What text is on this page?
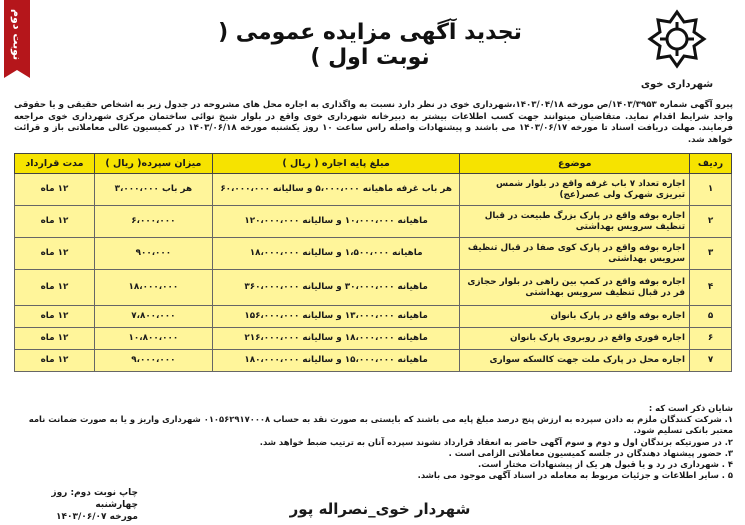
نوبت دوم	تجدید آگهی مزایده عمومی ( نوبت اول )
شهرداری خوی
پیرو آگهی شماره ۱۴۰۳/۳۹۵۳/ص مورخه ۱۴۰۳/۰۴/۱۸،شهرداری خوی در نظر دارد نسبت به واگذاری به اجاره محل های مشروحه در جدول زیر به اشخاص حقیقی و یا حقوقی واجد شرایط اقدام نماید. متقاضیان میتوانند جهت کسب اطلاعات بیشتر به دبیرخانه شهرداری خوی واقع در بلوار شیخ نوائی ساختمان مرکزی شهرداری خوی مراجعه فرمایند. مهلت دریافت اسناد تا مورخه ۱۴۰۳/۰۶/۱۷ می باشند و پیشنهادات واصله راس ساعت ۱۰ روز یکشنبه مورخه ۱۴۰۳/۰۶/۱۸ در کمیسیون عالی معاملاتی باز و قرائت خواهد شد.
ردیف	موضوع	مبلغ پایه اجاره ( ریال )	میزان سپرده( ریال )	مدت قرارداد
۱	اجاره تعداد ۷ باب غرفه واقع در بلوار شمس تبریزی شهرک ولی عصر(عج)	هر باب غرفه ماهیانه ۵،۰۰۰،۰۰۰ و سالیانه ۶۰،۰۰۰،۰۰۰	هر باب ۳،۰۰۰،۰۰۰	۱۲ ماه
۲	اجاره بوفه واقع در پارک بزرگ طبیعت در قبال تنظیف سرویس بهداشتی	ماهیانه ۱۰،۰۰۰،۰۰۰ و سالیانه ۱۲۰،۰۰۰،۰۰۰	۶،۰۰۰،۰۰۰	۱۲ ماه
۳	اجاره بوفه واقع در پارک کوی صفا در قبال تنظیف سرویس بهداشتی	ماهیانه ۱،۵۰۰،۰۰۰ و سالیانه ۱۸،۰۰۰،۰۰۰	۹۰۰،۰۰۰	۱۲ ماه
۴	اجاره بوفه واقع در کمپ بین راهی در بلوار حجازی فر در قبال تنظیف سرویس بهداشتی	ماهیانه ۳۰،۰۰۰،۰۰۰ و سالیانه ۳۶۰،۰۰۰،۰۰۰	۱۸،۰۰۰،۰۰۰	۱۲ ماه
۵	اجاره بوفه واقع در پارک بانوان	ماهیانه ۱۳،۰۰۰،۰۰۰ و سالیانه ۱۵۶،۰۰۰،۰۰۰	۷،۸۰۰،۰۰۰	۱۲ ماه
۶	اجاره فوری واقع در روبروی پارک بانوان	ماهیانه ۱۸،۰۰۰،۰۰۰ و سالیانه ۲۱۶،۰۰۰،۰۰۰	۱۰،۸۰۰،۰۰۰	۱۲ ماه
۷	اجاره محل در پارک ملت جهت کالسکه سواری	ماهیانه ۱۵،۰۰۰،۰۰۰ و سالیانه ۱۸۰،۰۰۰،۰۰۰	۹،۰۰۰،۰۰۰	۱۲ ماه
شایان ذکر است که :
۱. شرکت کنندگان ملزم به دادن سپرده به ارزش پنج درصد مبلغ پایه می باشند که بایستی به صورت نقد به حساب ۰۱۰۵۶۲۹۱۷۰۰۰۸ شهرداری واریز و یا به صورت ضمانت نامه معتبر بانکی تسلیم شود.
۲. در صورتیکه برندگان اول و دوم و سوم آگهی حاضر به انعقاد قرارداد نشوند سپرده آنان به ترتیب ضبط خواهد شد.
۳. حضور پیشنهاد دهندگان در جلسه کمیسیون معاملاتی الزامی است .
۴ . شهرداری در رد و یا قبول هر یک از پیشنهادات مختار است.
۵ . سایر اطلاعات و جزئیات مربوط به معامله در اسناد آگهی موجود می باشد.
چاپ نوبت دوم: روز چهارشنبه
مورخه ۱۴۰۳/۰۶/۰۷	شهردار خوی_نصراله پور
